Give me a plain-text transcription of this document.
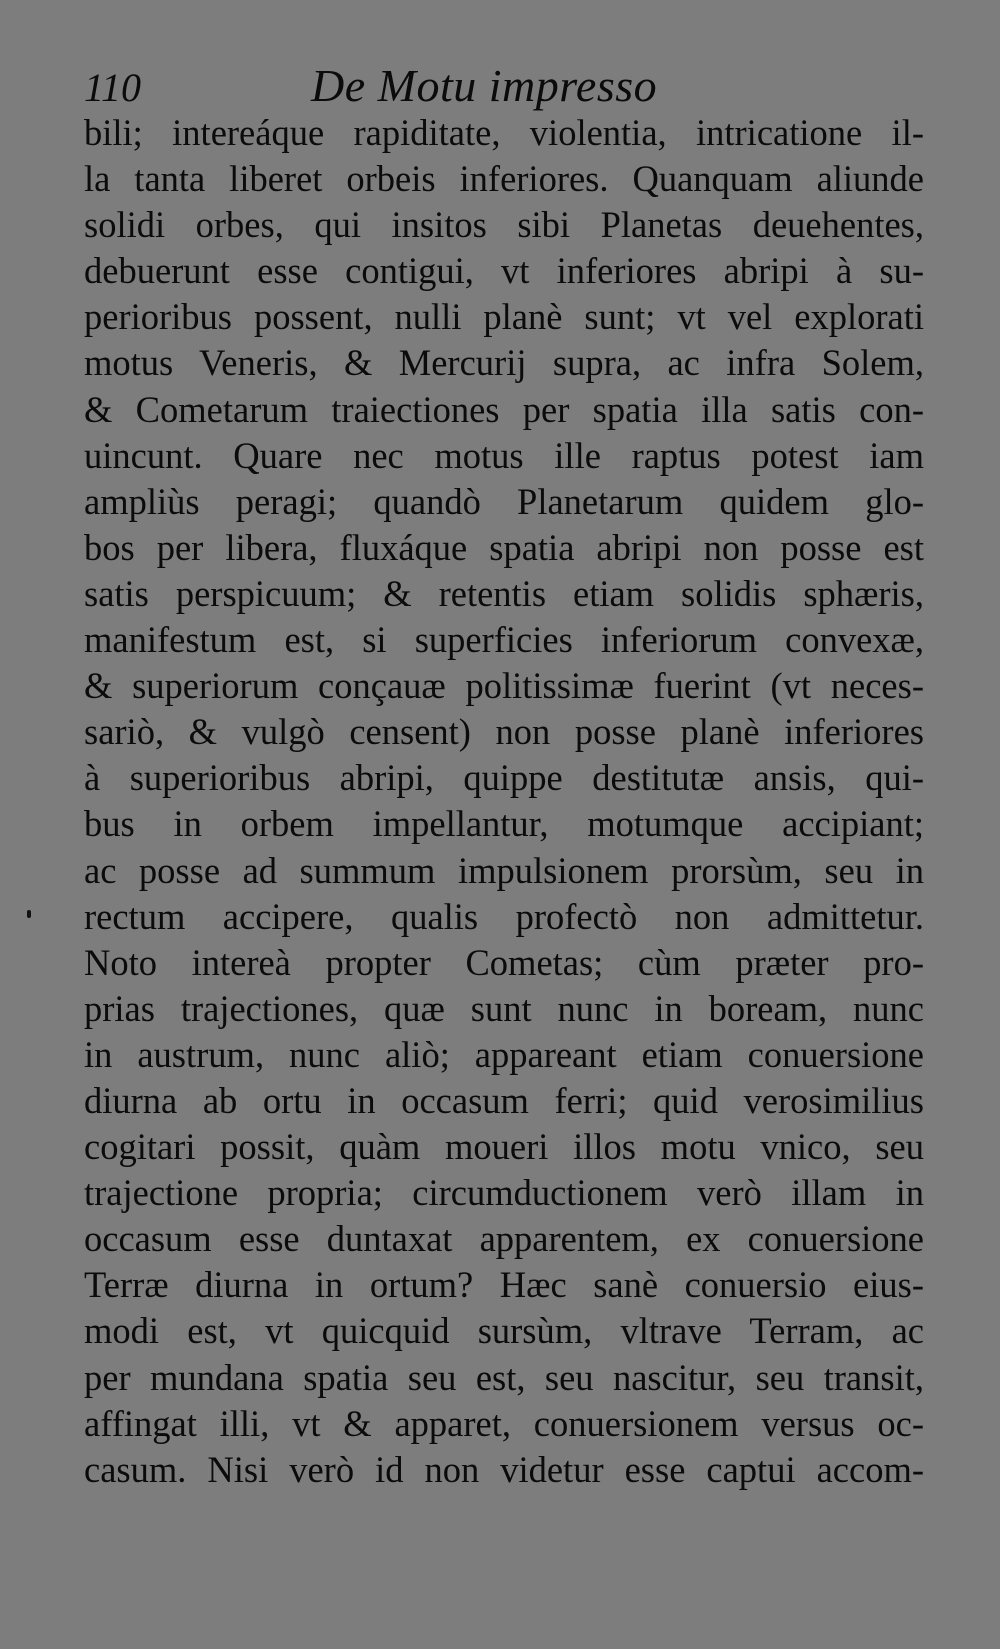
110	De Motu impresso
bili; intereáque rapiditate, violentia, intricatione il-
la tanta liberet orbeis inferiores. Quanquam aliunde
solidi orbes, qui insitos sibi Planetas deuehentes,
debuerunt esse contigui, vt inferiores abripi à su-
perioribus possent, nulli planè sunt; vt vel explorati
motus Veneris, & Mercurij supra, ac infra Solem,
& Cometarum traiectiones per spatia illa satis con-
uincunt. Quare nec motus ille raptus potest iam
ampliùs peragi; quandò Planetarum quidem glo-
bos per libera, fluxáque spatia abripi non posse est
satis perspicuum; & retentis etiam solidis sphæris,
manifestum est, si superficies inferiorum convexæ,
& superiorum conçauæ politissimæ fuerint (vt neces-
sariò, & vulgò censent) non posse planè inferiores
à superioribus abripi, quippe destitutæ ansis, qui-
bus in orbem impellantur, motumque accipiant;
ac posse ad summum impulsionem prorsùm, seu in
rectum accipere, qualis profectò non admittetur.
Noto intereà propter Cometas; cùm præter pro-
prias trajectiones, quæ sunt nunc in boream, nunc
in austrum, nunc aliò; appareant etiam conuersione
diurna ab ortu in occasum ferri; quid verosimilius
cogitari possit, quàm moueri illos motu vnico, seu
trajectione propria; circumductionem verò illam in
occasum esse duntaxat apparentem, ex conuersione
Terræ diurna in ortum? Hæc sanè conuersio eius-
modi est, vt quicquid sursùm, vltrave Terram, ac
per mundana spatia seu est, seu nascitur, seu transit,
affingat illi, vt & apparet, conuersionem versus oc-
casum. Nisi verò id non videtur esse captui accom-
